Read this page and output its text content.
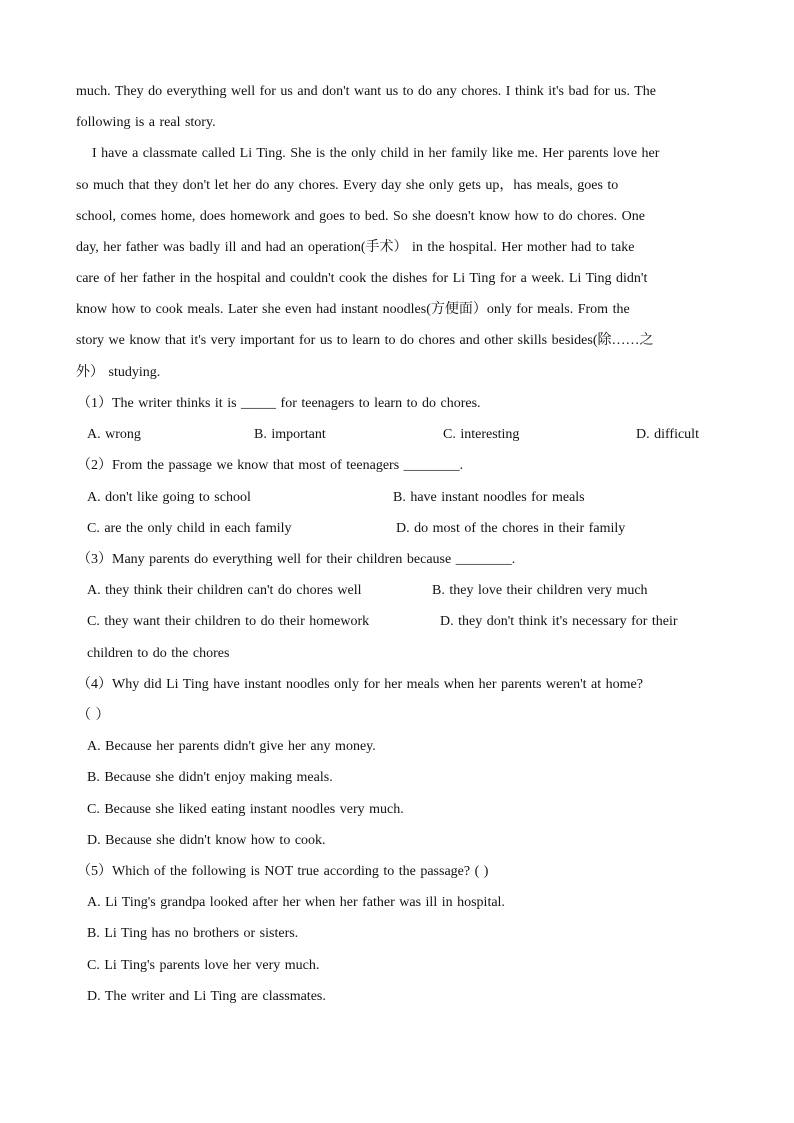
much. They do everything well for us and don't want us to do any chores. I think it's bad for us. The
following is a real story.
I have a classmate called Li Ting. She is the only child in her family like me. Her parents love her
so much that they don't let her do any chores. Every day she only gets up，has meals, goes to
school, comes home, does homework and goes to bed. So she doesn't know how to do chores. One
day, her father was badly ill and had an operation(手术） in the hospital. Her mother had to take
care of her father in the hospital and couldn't cook the dishes for Li Ting for a week. Li Ting didn't
know how to cook meals. Later she even had instant noodles(方便面）only for meals. From the
story we know that it's very important for us to learn to do chores and other skills besides(除……之
外） studying.
（1）The writer thinks it is _____ for teenagers to learn to do chores.
A. wrong	B. important	C. interesting	D. difficult
（2）From the passage we know that most of teenagers ________.
A. don't like going to school	B. have instant noodles for meals
C. are the only child in each family	D. do most of the chores in their family
（3）Many parents do everything well for their children because ________.
A. they think their children can't do chores well	B. they love their children very much
C. they want their children to do their homework	D. they don't think it's necessary for their
children to do the chores
（4）Why did Li Ting have instant noodles only for her meals when her parents weren't at home?
（ ）
A. Because her parents didn't give her any money.
B. Because she didn't enjoy making meals.
C. Because she liked eating instant noodles very much.
D. Because she didn't know how to cook.
（5）Which of the following is NOT true according to the passage? ( )
A. Li Ting's grandpa looked after her when her father was ill in hospital.
B. Li Ting has no brothers or sisters.
C. Li Ting's parents love her very much.
D. The writer and Li Ting are classmates.
